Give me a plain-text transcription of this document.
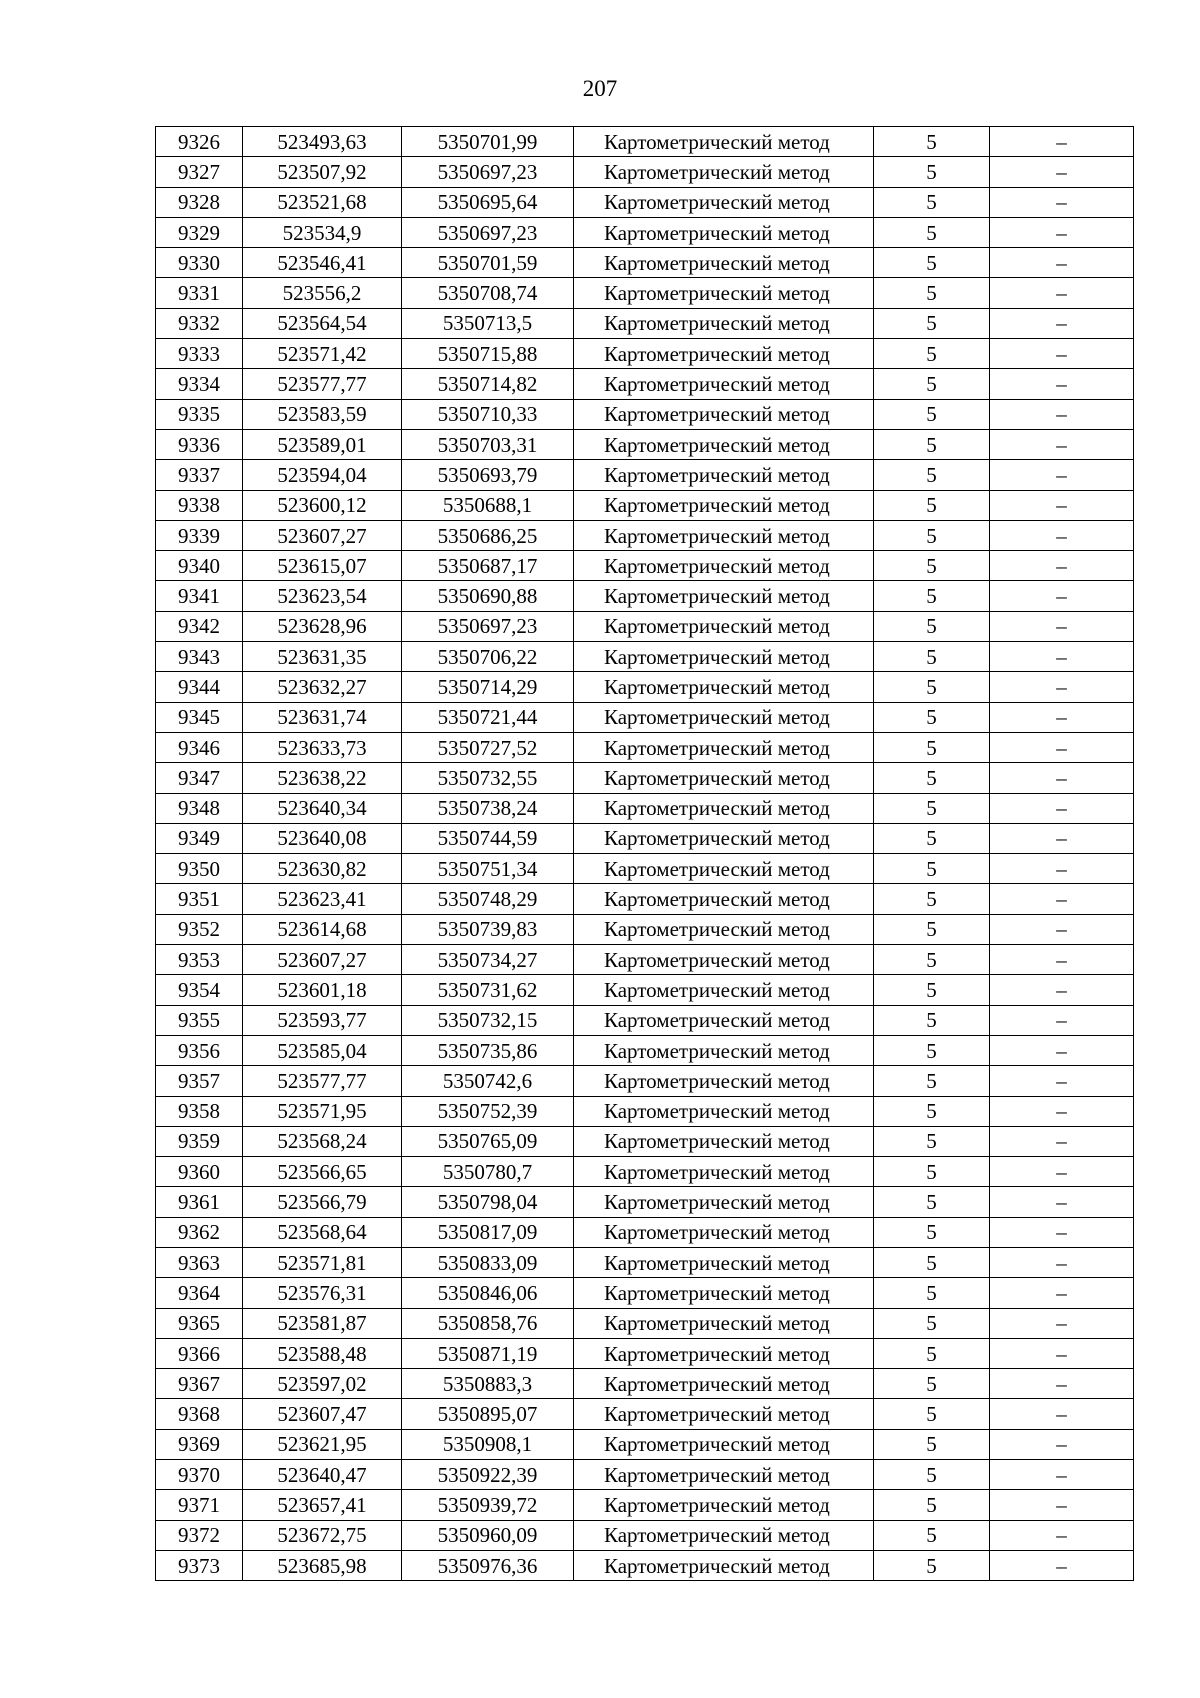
207
9326	523493,63	5350701,99	Картометрический метод	5	–
9327	523507,92	5350697,23	Картометрический метод	5	–
9328	523521,68	5350695,64	Картометрический метод	5	–
9329	523534,9	5350697,23	Картометрический метод	5	–
9330	523546,41	5350701,59	Картометрический метод	5	–
9331	523556,2	5350708,74	Картометрический метод	5	–
9332	523564,54	5350713,5	Картометрический метод	5	–
9333	523571,42	5350715,88	Картометрический метод	5	–
9334	523577,77	5350714,82	Картометрический метод	5	–
9335	523583,59	5350710,33	Картометрический метод	5	–
9336	523589,01	5350703,31	Картометрический метод	5	–
9337	523594,04	5350693,79	Картометрический метод	5	–
9338	523600,12	5350688,1	Картометрический метод	5	–
9339	523607,27	5350686,25	Картометрический метод	5	–
9340	523615,07	5350687,17	Картометрический метод	5	–
9341	523623,54	5350690,88	Картометрический метод	5	–
9342	523628,96	5350697,23	Картометрический метод	5	–
9343	523631,35	5350706,22	Картометрический метод	5	–
9344	523632,27	5350714,29	Картометрический метод	5	–
9345	523631,74	5350721,44	Картометрический метод	5	–
9346	523633,73	5350727,52	Картометрический метод	5	–
9347	523638,22	5350732,55	Картометрический метод	5	–
9348	523640,34	5350738,24	Картометрический метод	5	–
9349	523640,08	5350744,59	Картометрический метод	5	–
9350	523630,82	5350751,34	Картометрический метод	5	–
9351	523623,41	5350748,29	Картометрический метод	5	–
9352	523614,68	5350739,83	Картометрический метод	5	–
9353	523607,27	5350734,27	Картометрический метод	5	–
9354	523601,18	5350731,62	Картометрический метод	5	–
9355	523593,77	5350732,15	Картометрический метод	5	–
9356	523585,04	5350735,86	Картометрический метод	5	–
9357	523577,77	5350742,6	Картометрический метод	5	–
9358	523571,95	5350752,39	Картометрический метод	5	–
9359	523568,24	5350765,09	Картометрический метод	5	–
9360	523566,65	5350780,7	Картометрический метод	5	–
9361	523566,79	5350798,04	Картометрический метод	5	–
9362	523568,64	5350817,09	Картометрический метод	5	–
9363	523571,81	5350833,09	Картометрический метод	5	–
9364	523576,31	5350846,06	Картометрический метод	5	–
9365	523581,87	5350858,76	Картометрический метод	5	–
9366	523588,48	5350871,19	Картометрический метод	5	–
9367	523597,02	5350883,3	Картометрический метод	5	–
9368	523607,47	5350895,07	Картометрический метод	5	–
9369	523621,95	5350908,1	Картометрический метод	5	–
9370	523640,47	5350922,39	Картометрический метод	5	–
9371	523657,41	5350939,72	Картометрический метод	5	–
9372	523672,75	5350960,09	Картометрический метод	5	–
9373	523685,98	5350976,36	Картометрический метод	5	–
